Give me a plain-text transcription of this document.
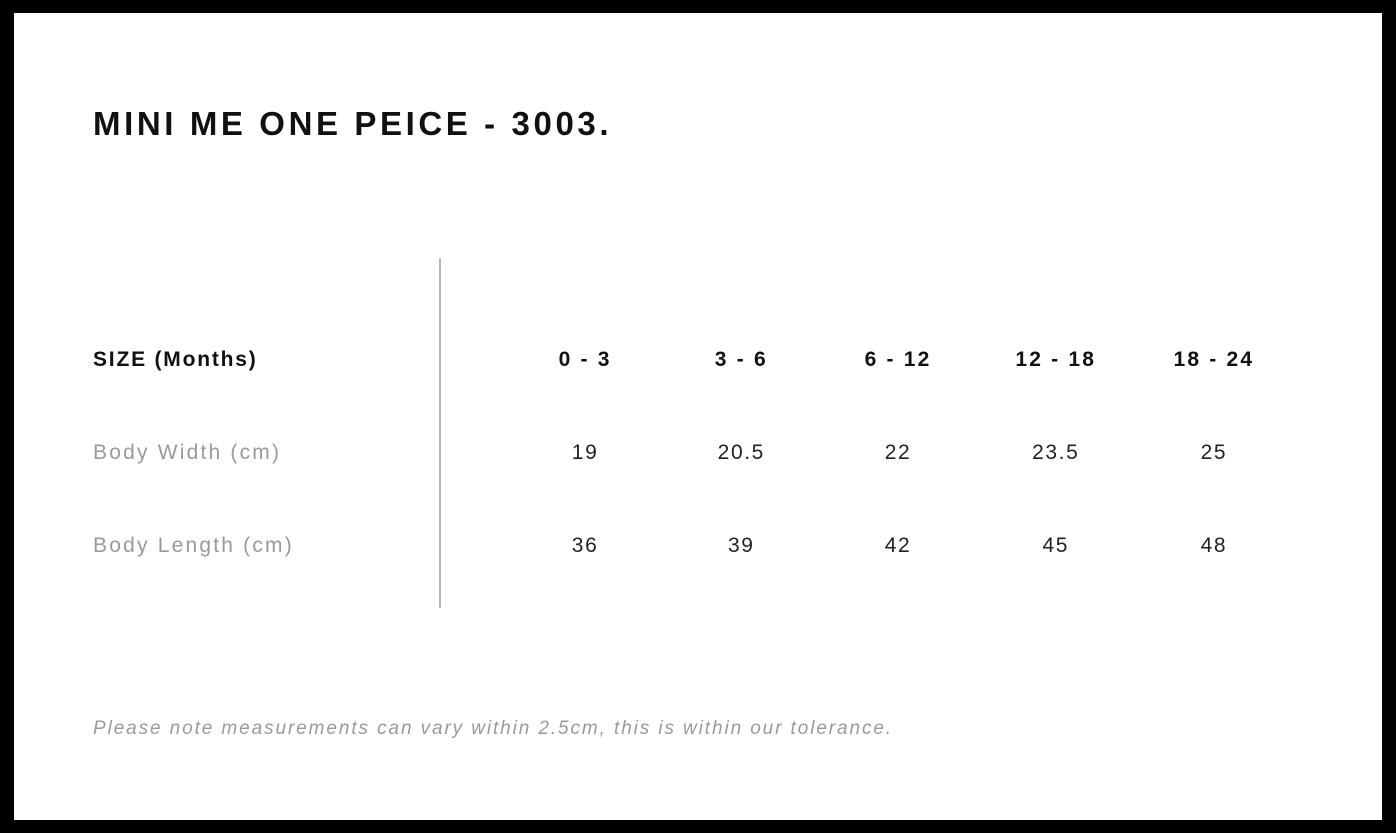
MINI ME ONE PEICE - 3003.
SIZE (Months)	0 - 3	3 - 6	6 - 12	12 - 18	18 - 24
Body Width (cm)	19	20.5	22	23.5	25
Body Length (cm)	36	39	42	45	48
Please note measurements can vary within 2.5cm, this is within our tolerance.
